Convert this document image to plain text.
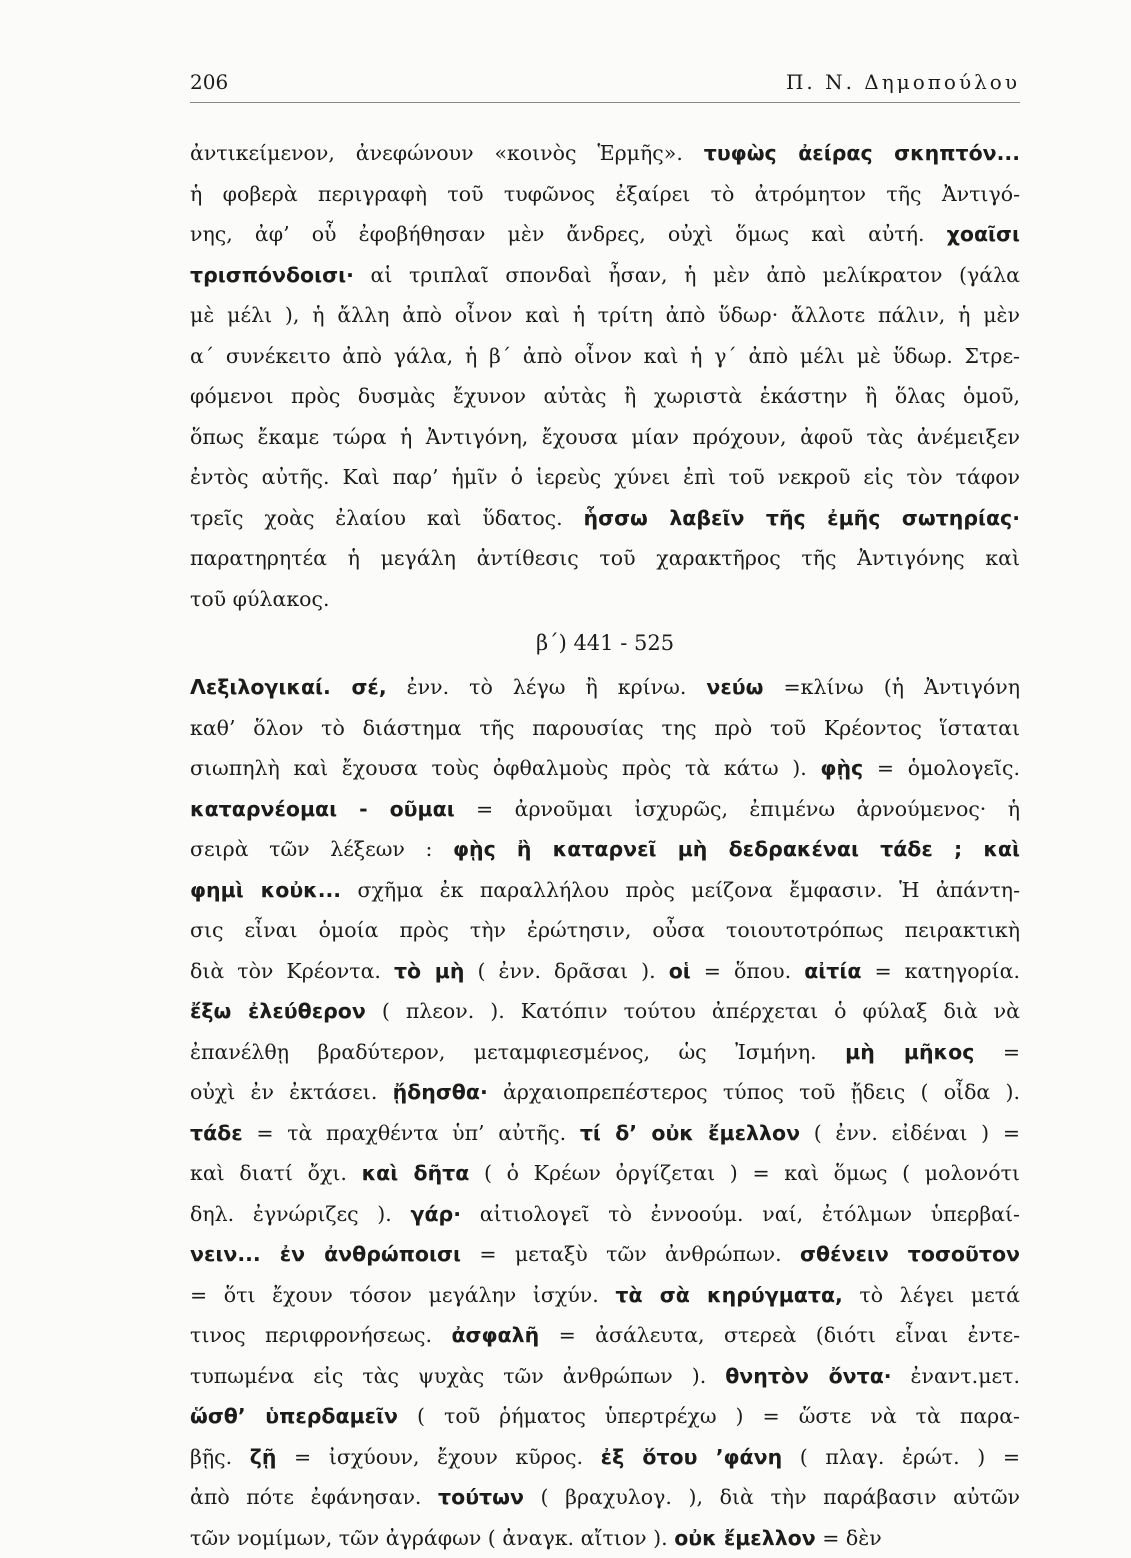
206	Π. Ν. Δημοπούλου

ἀντικείμενον, ἀνεφώνουν «κοινὸς Ἑρμῆς». τυφὼς ἀείρας σκηπτόν...
ἡ φοβερὰ περιγραφὴ τοῦ τυφῶνος ἐξαίρει τὸ ἀτρόμητον τῆς Ἀντιγό-
νης, ἀφ’ οὗ ἐφοβήθησαν μὲν ἄνδρες, οὐχὶ ὅμως καὶ αὐτή. χοαῖσι
τρισπόνδοισι· αἱ τριπλαῖ σπονδαὶ ἦσαν, ἡ μὲν ἀπὸ μελίκρατον (γάλα
μὲ μέλι ), ἡ ἄλλη ἀπὸ οἶνον καὶ ἡ τρίτη ἀπὸ ὕδωρ· ἄλλοτε πάλιν, ἡ μὲν
α΄ συνέκειτο ἀπὸ γάλα, ἡ β΄ ἀπὸ οἶνον καὶ ἡ γ΄ ἀπὸ μέλι μὲ ὕδωρ. Στρε-
φόμενοι πρὸς δυσμὰς ἔχυνον αὐτὰς ἢ χωριστὰ ἑκάστην ἢ ὅλας ὁμοῦ,
ὅπως ἔκαμε τώρα ἡ Ἀντιγόνη, ἔχουσα μίαν πρόχουν, ἀφοῦ τὰς ἀνέμειξεν
ἐντὸς αὐτῆς. Καὶ παρ’ ἡμῖν ὁ ἱερεὺς χύνει ἐπὶ τοῦ νεκροῦ εἰς τὸν τάφον
τρεῖς χοὰς ἐλαίου καὶ ὕδατος. ἧσσω λαβεῖν τῆς ἐμῆς σωτηρίας·
παρατηρητέα ἡ μεγάλη ἀντίθεσις τοῦ χαρακτῆρος τῆς Ἀντιγόνης καὶ
τοῦ φύλακος.

β΄) 441 - 525

Λεξιλογικαί. σέ, ἐνν. τὸ λέγω ἢ κρίνω. νεύω =κλίνω (ἡ Ἀντιγόνη
καθ’ ὅλον τὸ διάστημα τῆς παρουσίας της πρὸ τοῦ Κρέοντος ἵσταται
σιωπηλὴ καὶ ἔχουσα τοὺς ὀφθαλμοὺς πρὸς τὰ κάτω ). φῂς = ὁμολογεῖς.
καταρνέομαι - οῦμαι = ἀρνοῦμαι ἰσχυρῶς, ἐπιμένω ἀρνούμενος· ἡ
σειρὰ τῶν λέξεων : φῂς ἢ καταρνεῖ μὴ δεδρακέναι τάδε ; καὶ
φημὶ κοὐκ... σχῆμα ἐκ παραλλήλου πρὸς μείζονα ἔμφασιν. Ἡ ἀπάντη-
σις εἶναι ὁμοία πρὸς τὴν ἐρώτησιν, οὖσα τοιουτοτρόπως πειρακτικὴ
διὰ τὸν Κρέοντα. τὸ μὴ ( ἐνν. δρᾶσαι ). οἱ = ὅπου. αἰτία = κατηγορία.
ἔξω ἐλεύθερον ( πλεον. ). Κατόπιν τούτου ἀπέρχεται ὁ φύλαξ διὰ νὰ
ἐπανέλθῃ βραδύτερον, μεταμφιεσμένος, ὡς Ἰσμήνη. μὴ μῆκος =
οὐχὶ ἐν ἐκτάσει. ᾔδησθα· ἀρχαιοπρεπέστερος τύπος τοῦ ᾔδεις ( οἶδα ).
τάδε = τὰ πραχθέντα ὑπ’ αὐτῆς. τί δ’ οὐκ ἔμελλον ( ἐνν. εἰδέναι ) =
καὶ διατί ὄχι. καὶ δῆτα ( ὁ Κρέων ὀργίζεται ) = καὶ ὅμως ( μολονότι
δηλ. ἐγνώριζες ). γάρ· αἰτιολογεῖ τὸ ἐννοούμ. ναί, ἐτόλμων ὑπερβαί-
νειν... ἐν ἀνθρώποισι = μεταξὺ τῶν ἀνθρώπων. σθένειν τοσοῦτον
= ὅτι ἔχουν τόσον μεγάλην ἰσχύν. τὰ σὰ κηρύγματα, τὸ λέγει μετά
τινος περιφρονήσεως. ἀσφαλῆ = ἀσάλευτα, στερεὰ (διότι εἶναι ἐντε-
τυπωμένα εἰς τὰς ψυχὰς τῶν ἀνθρώπων ). θνητὸν ὄντα· ἐναντ.μετ.
ὥσθ’ ὑπερδαμεῖν ( τοῦ ῥήματος ὑπερτρέχω ) = ὥστε νὰ τὰ παρα-
βῇς. ζῇ = ἰσχύουν, ἔχουν κῦρος. ἐξ ὅτου ’φάνη ( πλαγ. ἐρώτ. ) =
ἀπὸ πότε ἐφάνησαν. τούτων ( βραχυλογ. ), διὰ τὴν παράβασιν αὐτῶν
τῶν νομίμων, τῶν ἀγράφων ( ἀναγκ. αἴτιον ). οὐκ ἔμελλον = δὲν
